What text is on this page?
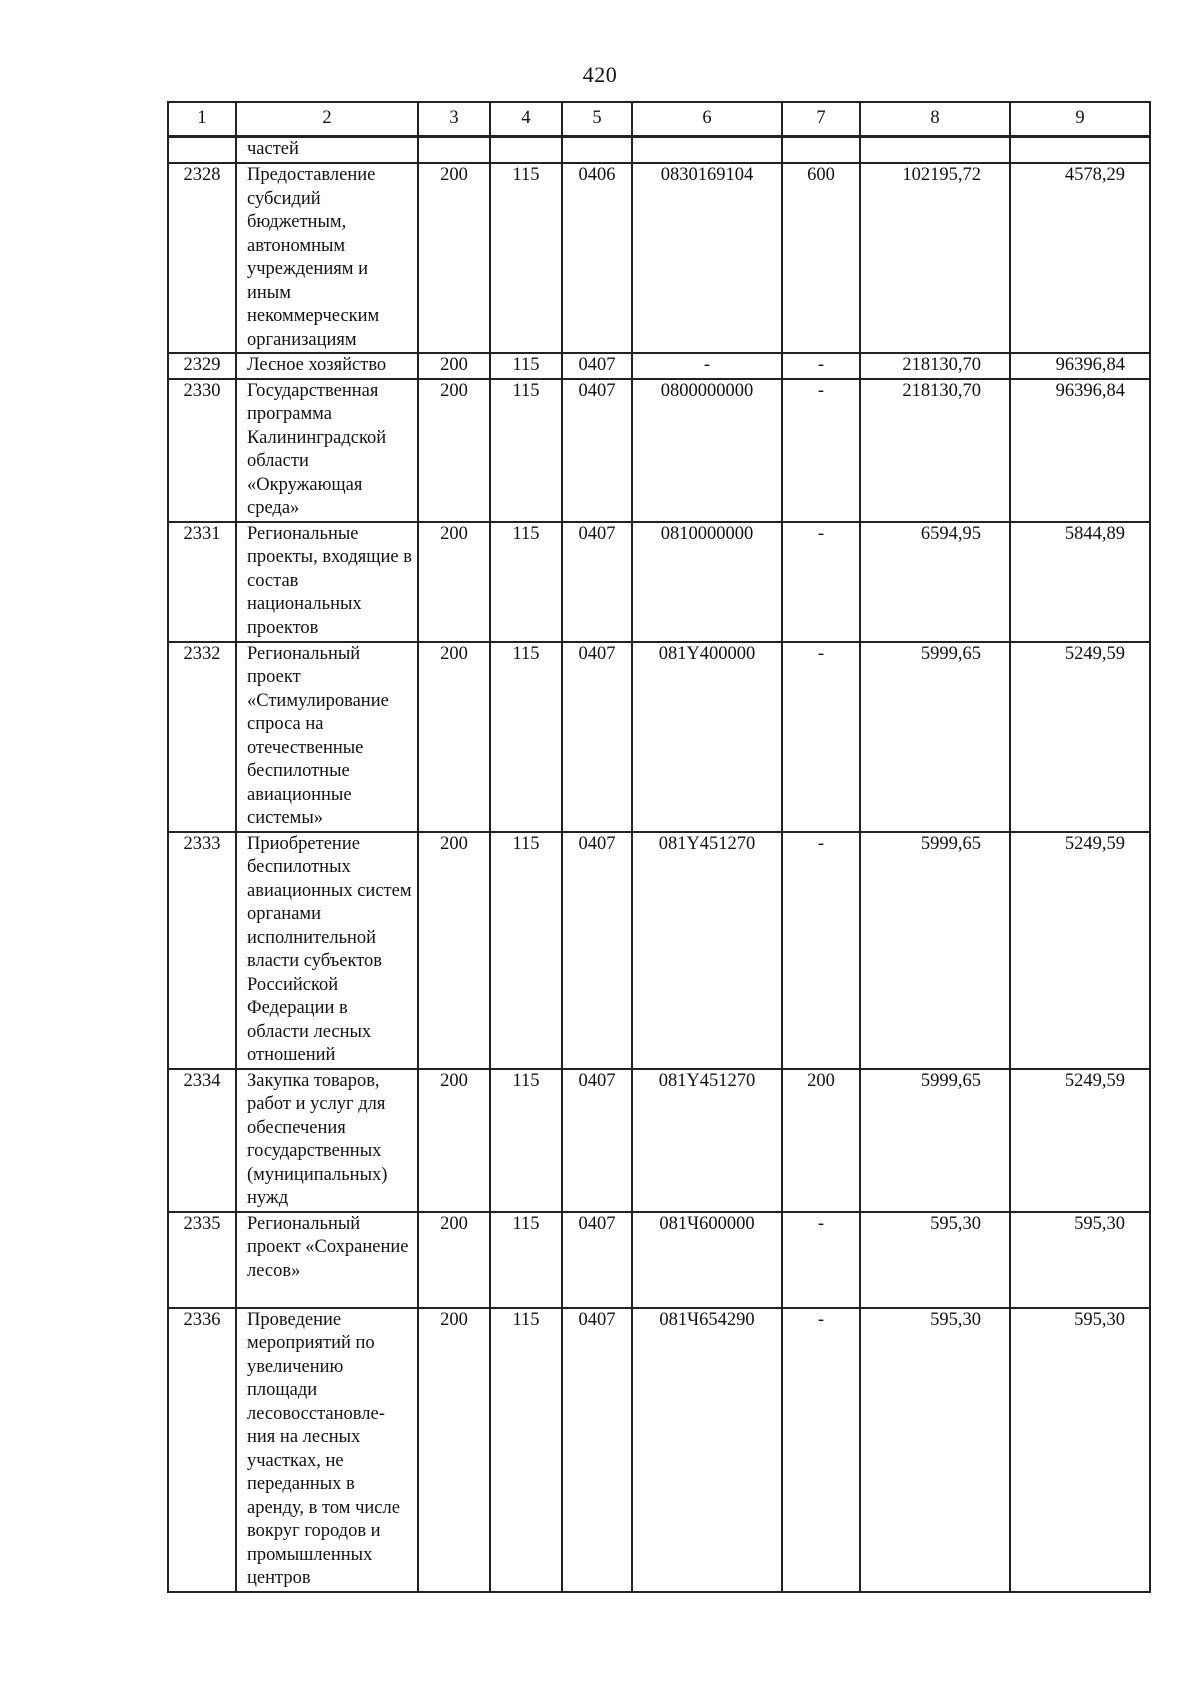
420
1	2	3	4	5	6	7	8	9
	частей							
2328	Предоставление субсидий бюджетным, автономным учреждениям и иным некоммерческим организациям	200	115	0406	0830169104	600	102195,72	4578,29
2329	Лесное хозяйство	200	115	0407	-	-	218130,70	96396,84
2330	Государственная программа Калининградской области «Окружающая среда»	200	115	0407	0800000000	-	218130,70	96396,84
2331	Региональные проекты, входящие в состав национальных проектов	200	115	0407	0810000000	-	6594,95	5844,89
2332	Региональный проект «Стимулирование спроса на отечественные беспилотные авиационные системы»	200	115	0407	081Y400000	-	5999,65	5249,59
2333	Приобретение беспилотных авиационных систем органами исполнительной власти субъектов Российской Федерации в области лесных отношений	200	115	0407	081Y451270	-	5999,65	5249,59
2334	Закупка товаров, работ и услуг для обеспечения государственных (муниципальных) нужд	200	115	0407	081Y451270	200	5999,65	5249,59
2335	Региональный проект «Сохранение лесов»	200	115	0407	081Ч600000	-	595,30	595,30
2336	Проведение мероприятий по увеличению площади лесовосстановле-ния на лесных участках, не переданных в аренду, в том числе вокруг городов и промышленных центров	200	115	0407	081Ч654290	-	595,30	595,30
